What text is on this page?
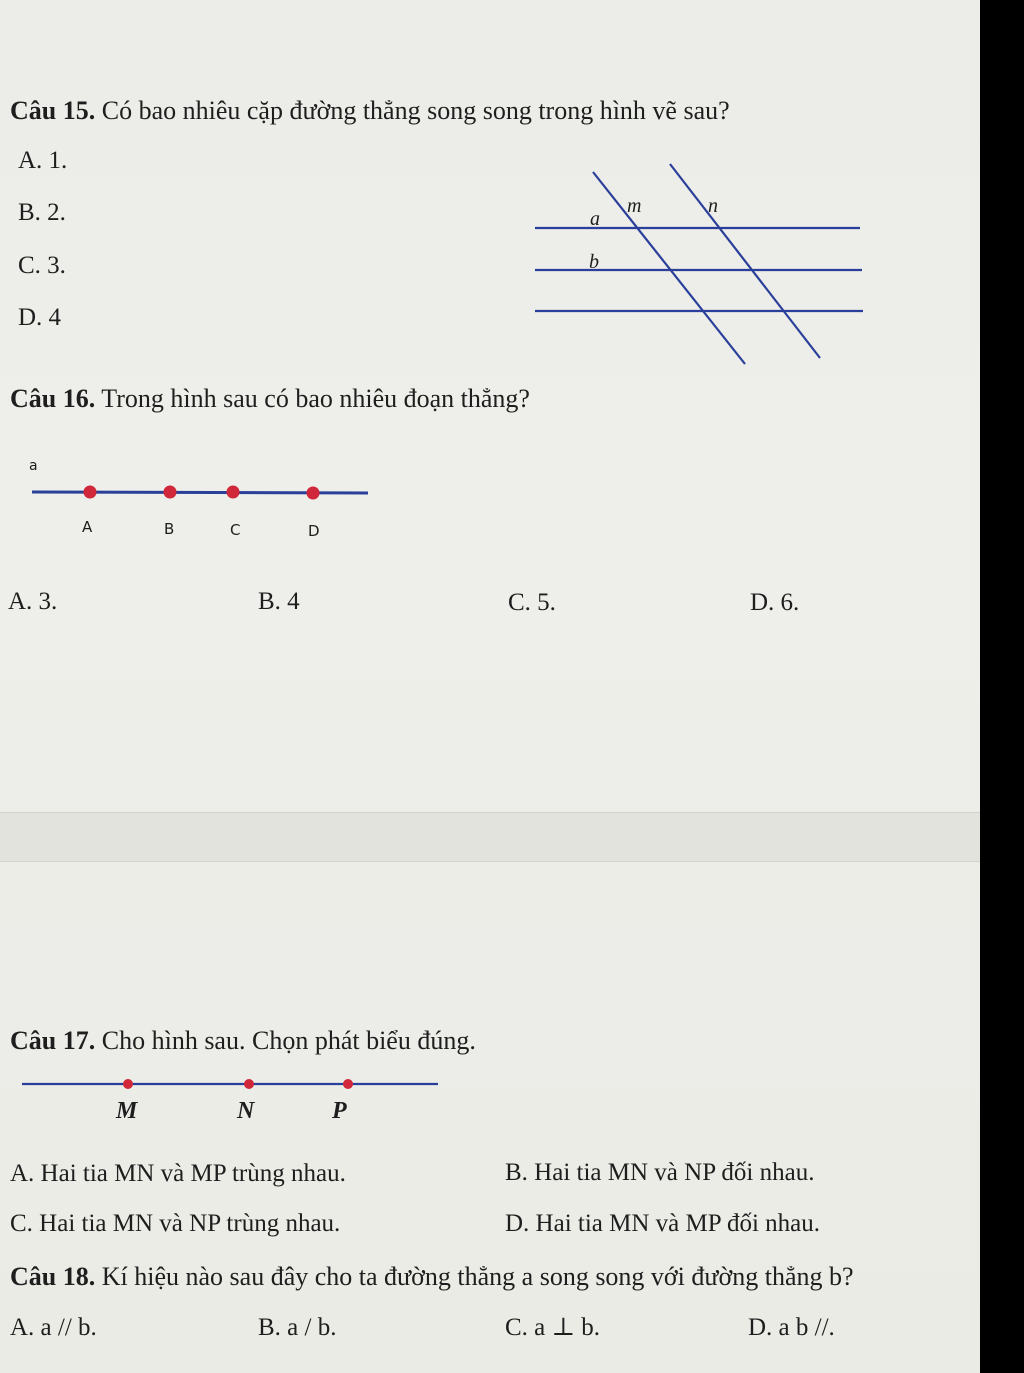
Câu 15. Có bao nhiêu cặp đường thẳng song song trong hình vẽ sau?
A. 1.
B. 2.
C. 3.
D. 4
m	n
a
b
Câu 16. Trong hình sau có bao nhiêu đoạn thẳng?
a
A	B	C	D
A. 3.	B. 4	C. 5.	D. 6.
Câu 17. Cho hình sau. Chọn phát biểu đúng.
M	N	P
A. Hai tia MN và MP trùng nhau.	B. Hai tia MN và NP đối nhau.
C. Hai tia MN và NP trùng nhau.	D. Hai tia MN và MP đối nhau.
Câu 18. Kí hiệu nào sau đây cho ta đường thẳng a song song với đường thẳng b?
A. a // b.	B. a / b.	C. a ⊥ b.	D. a b //.
